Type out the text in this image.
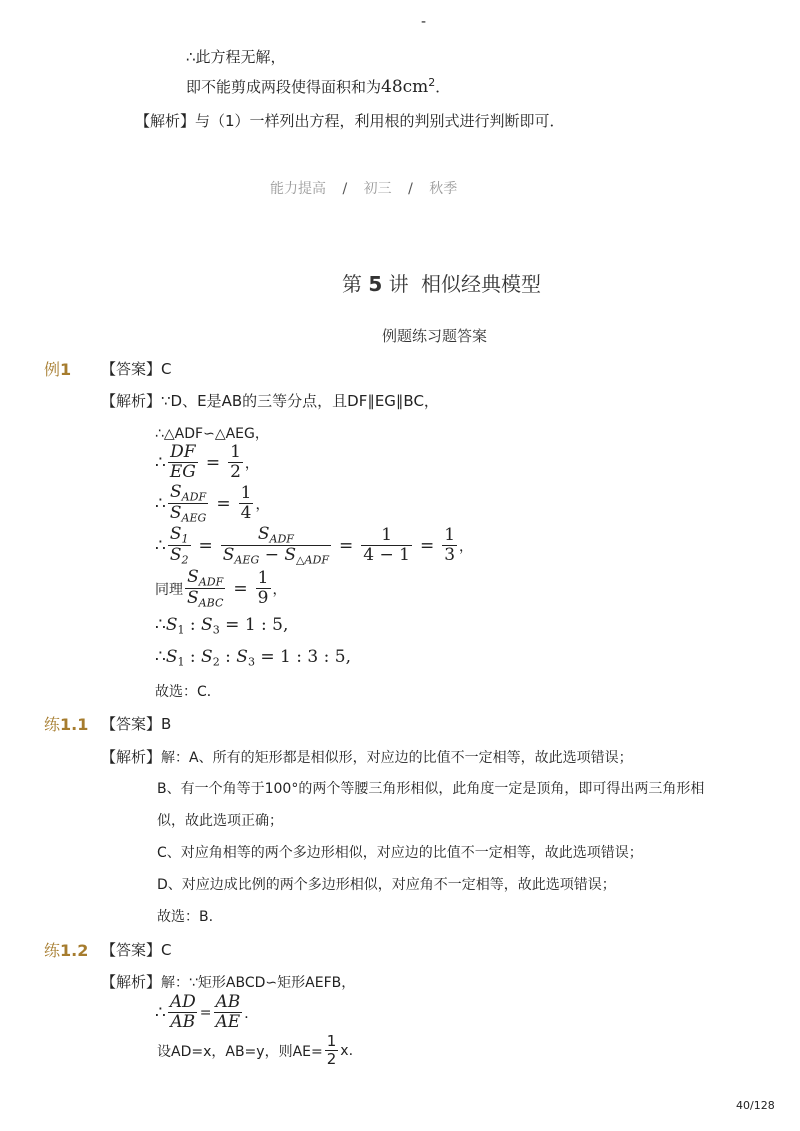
-
∴此方程无解，
即不能剪成两段使得面积和为$48cm^2$．
【解析】与（1）一样列出方程，利用根的判别式进行判断即可．
能力提高 / 初三 / 秋季
第 5 讲 相似经典模型
例题练习题答案
例1 【答案】C
【解析】∵D、E是AB的三等分点，且DF∥EG∥BC，
∴△ADF∽△AEG，
∴ $\frac{DF}{EG} = \frac{1}{2}$ ，
∴ $\frac{S_{ADF}}{S_{AEG}} = \frac{1}{4}$ ，
∴ $\frac{S_1}{S_2} = \frac{S_{ADF}}{S_{AEG} - S_{\triangle ADF}} = \frac{1}{4 - 1} = \frac{1}{3}$ ，
同理 $\frac{S_{ADF}}{S_{ABC}} = \frac{1}{9}$ ，
$\therefore S_1$ : $S_3 = 1$ : 5,
$\therefore S_1$ : $S_2$ : $S_3 = 1$ : 3 : 5,
故选：C．
练1.1 【答案】B
【解析】解：A、所有的矩形都是相似形，对应边的比值不一定相等，故此选项错误；
B、有一个角等于100°的两个等腰三角形相似，此角度一定是顶角，即可得出两三角形相
似，故此选项正确；
C、对应角相等的两个多边形相似，对应边的比值不一定相等，故此选项错误；
D、对应边成比例的两个多边形相似，对应角不一定相等，故此选项错误；
故选：B.
练1.2 【答案】C
【解析】解：∵矩形ABCD∽矩形AEFB，
∴ $\frac{AD}{AB} = \frac{AB}{AE}$ ．
设AD=x，AB=y，则$AE= \frac{1}{2} x$.
40/128
